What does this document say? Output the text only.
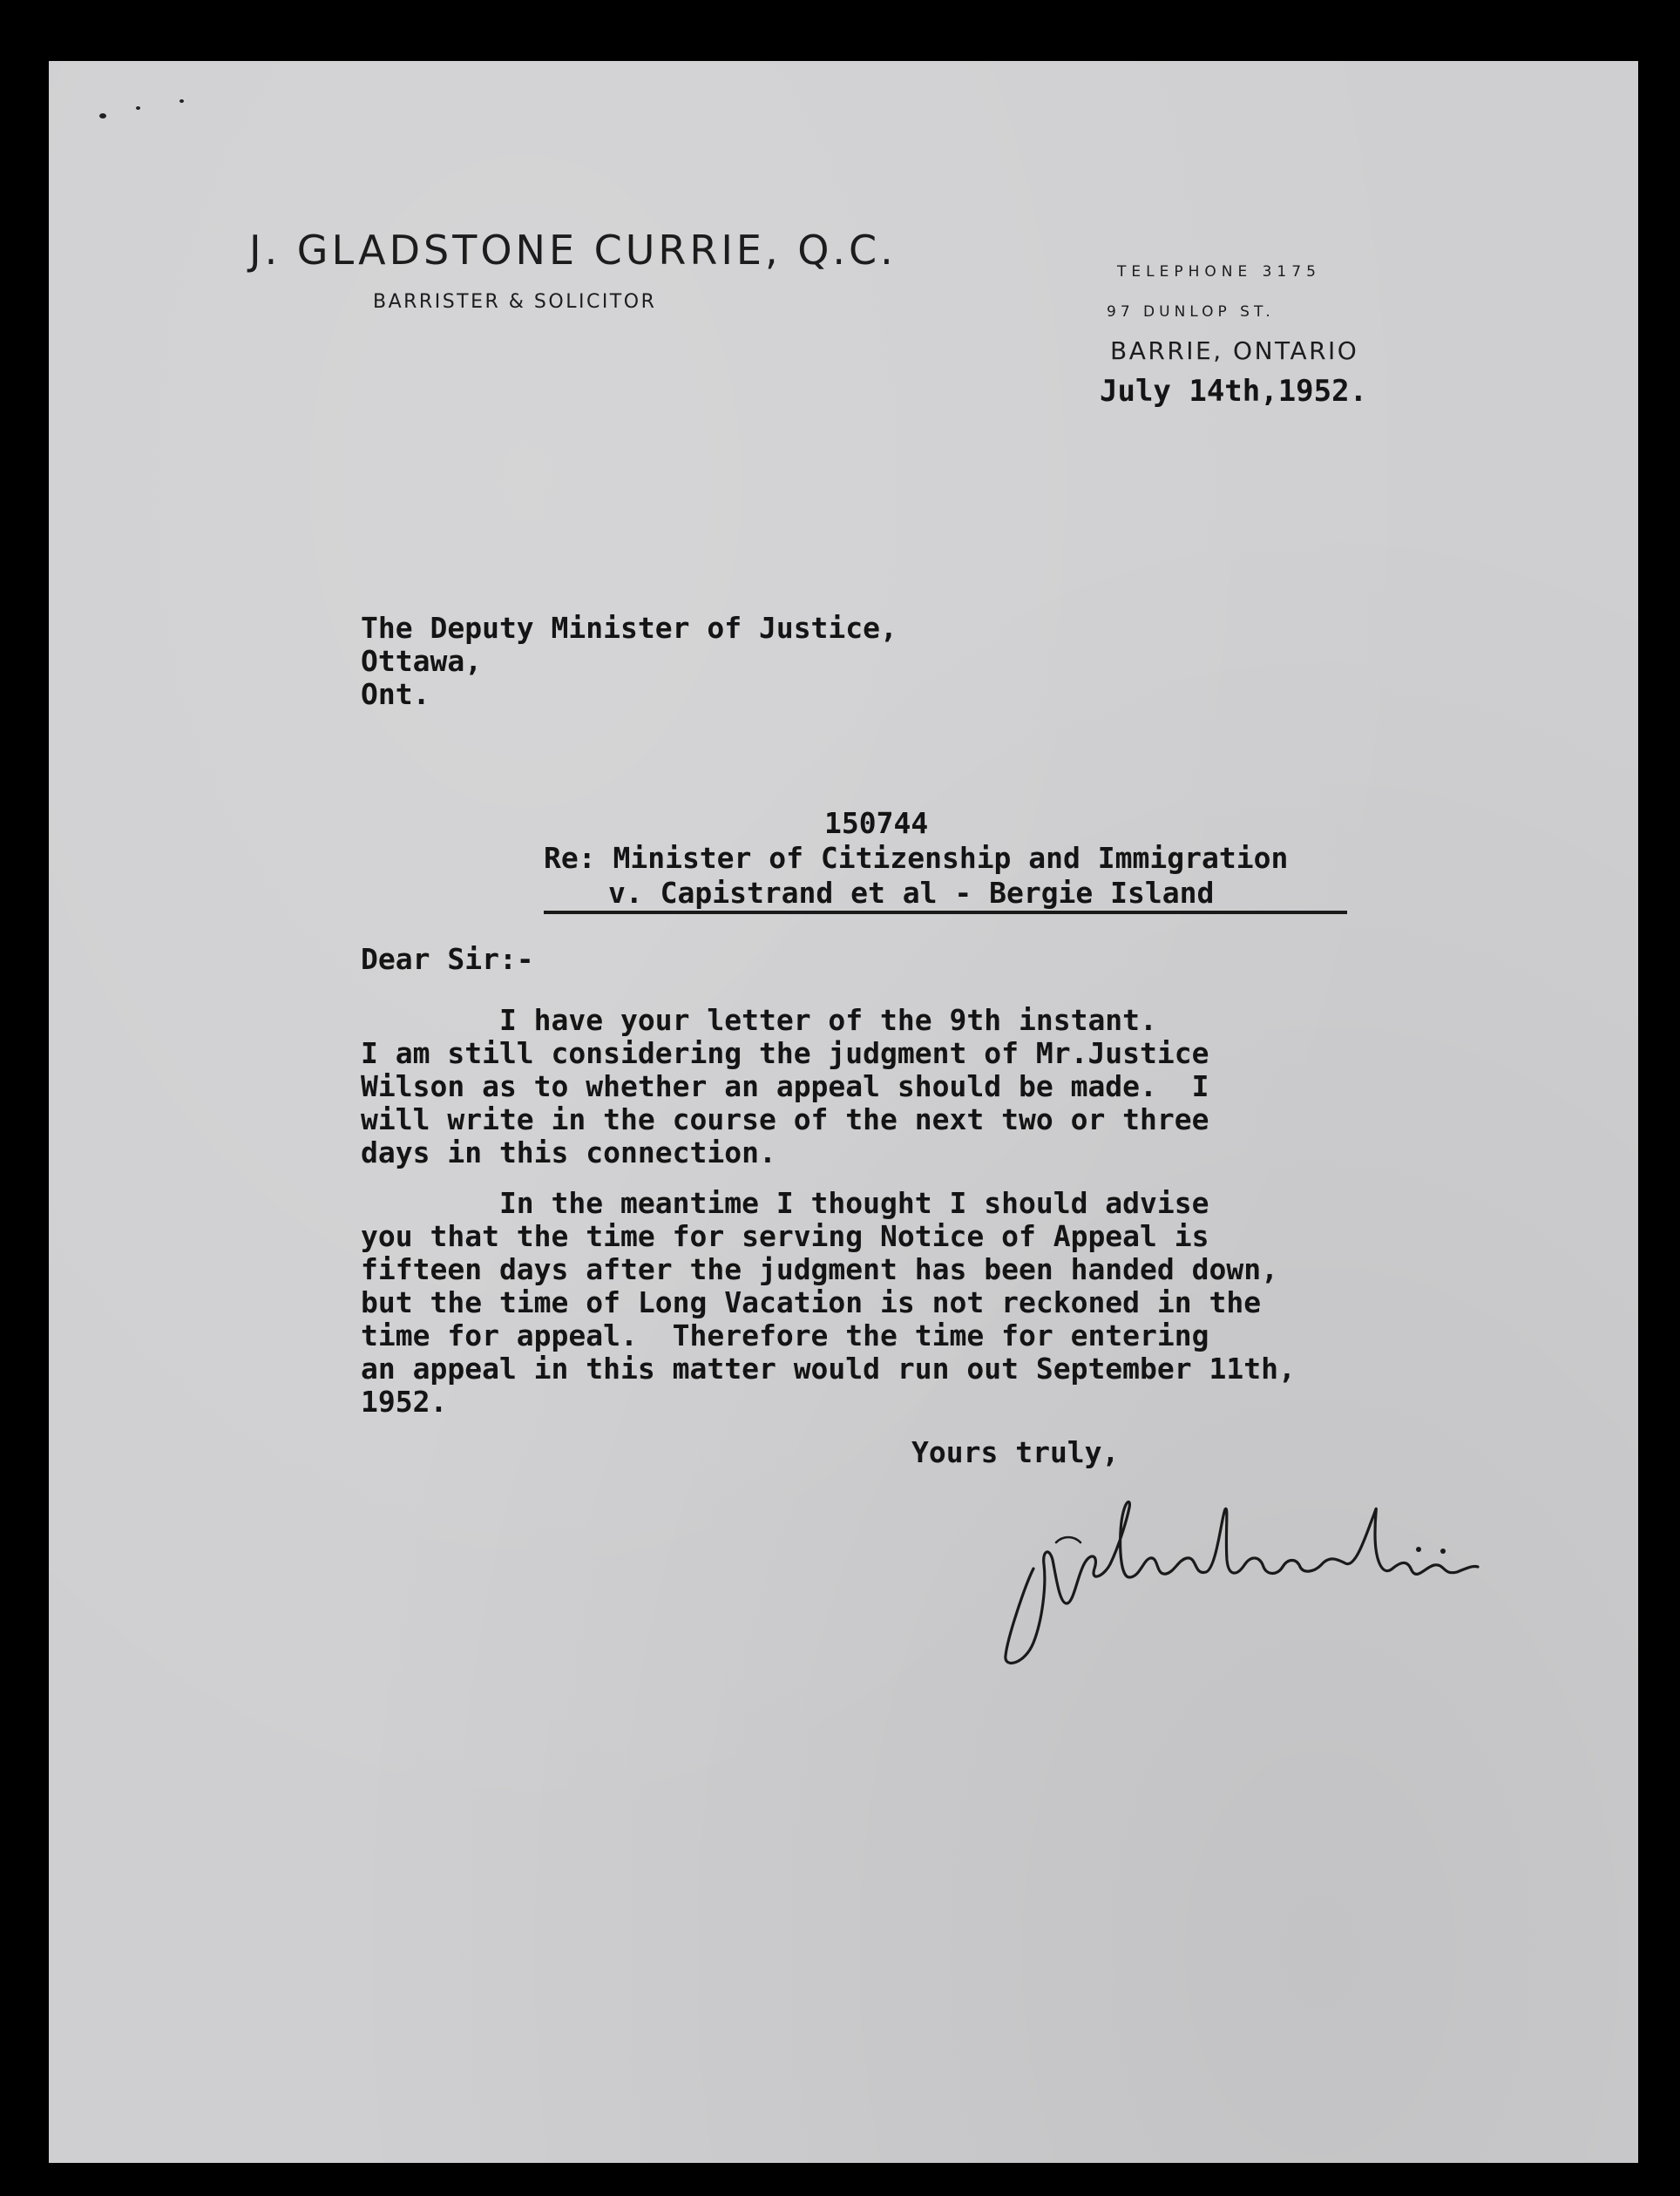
J. GLADSTONE CURRIE, Q.C.
BARRISTER & SOLICITOR
TELEPHONE 3175
97 DUNLOP ST.
BARRIE, ONTARIO
July 14th,1952.
The Deputy Minister of Justice,
Ottawa,
Ont.
150744
Re: Minister of Citizenship and Immigration
v. Capistrand et al - Bergie Island
Dear Sir:-
I have your letter of the 9th instant.
I am still considering the judgment of Mr.Justice
Wilson as to whether an appeal should be made.  I
will write in the course of the next two or three
days in this connection.
In the meantime I thought I should advise
you that the time for serving Notice of Appeal is
fifteen days after the judgment has been handed down,
but the time of Long Vacation is not reckoned in the
time for appeal.  Therefore the time for entering
an appeal in this matter would run out September 11th,
1952.
Yours truly,
